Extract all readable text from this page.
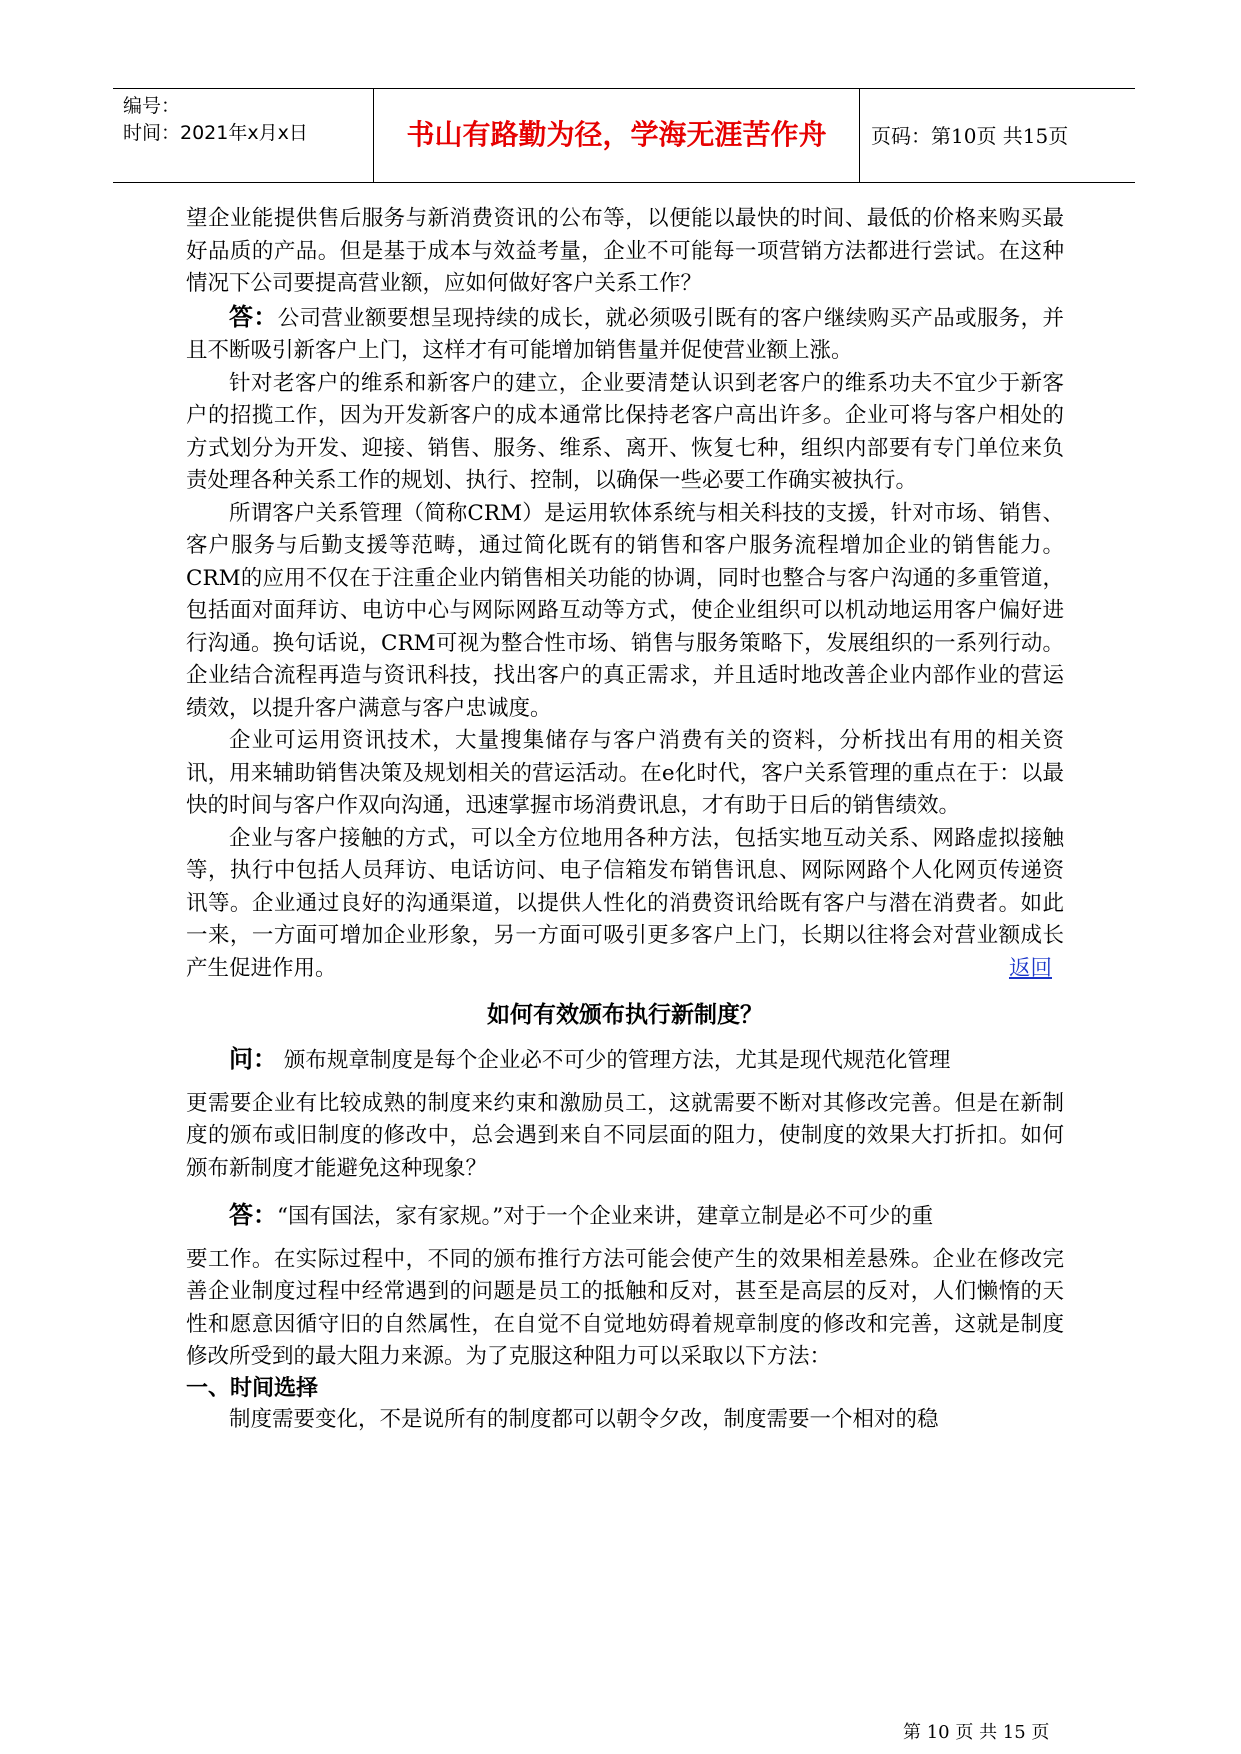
编号：
时间：2021年x月x日	书山有路勤为径，学海无涯苦作舟	页码：第10页 共15页

望企业能提供售后服务与新消费资讯的公布等，以便能以最快的时间、最低的价格来购买最好品质的产品。但是基于成本与效益考量，企业不可能每一项营销方法都进行尝试。在这种情况下公司要提高营业额，应如何做好客户关系工作？

答：公司营业额要想呈现持续的成长，就必须吸引既有的客户继续购买产品或服务，并且不断吸引新客户上门，这样才有可能增加销售量并促使营业额上涨。

针对老客户的维系和新客户的建立，企业要清楚认识到老客户的维系功夫不宜少于新客户的招揽工作，因为开发新客户的成本通常比保持老客户高出许多。企业可将与客户相处的方式划分为开发、迎接、销售、服务、维系、离开、恢复七种，组织内部要有专门单位来负责处理各种关系工作的规划、执行、控制，以确保一些必要工作确实被执行。

所谓客户关系管理（简称CRM）是运用软体系统与相关科技的支援，针对市场、销售、客户服务与后勤支援等范畴，通过简化既有的销售和客户服务流程增加企业的销售能力。CRM的应用不仅在于注重企业内销售相关功能的协调，同时也整合与客户沟通的多重管道，包括面对面拜访、电访中心与网际网路互动等方式，使企业组织可以机动地运用客户偏好进行沟通。换句话说，CRM可视为整合性市场、销售与服务策略下，发展组织的一系列行动。企业结合流程再造与资讯科技，找出客户的真正需求，并且适时地改善企业内部作业的营运绩效，以提升客户满意与客户忠诚度。

企业可运用资讯技术，大量搜集储存与客户消费有关的资料，分析找出有用的相关资讯，用来辅助销售决策及规划相关的营运活动。在e化时代，客户关系管理的重点在于：以最快的时间与客户作双向沟通，迅速掌握市场消费讯息，才有助于日后的销售绩效。

企业与客户接触的方式，可以全方位地用各种方法，包括实地互动关系、网路虚拟接触等，执行中包括人员拜访、电话访问、电子信箱发布销售讯息、网际网路个人化网页传递资讯等。企业通过良好的沟通渠道，以提供人性化的消费资讯给既有客户与潜在消费者。如此一来，一方面可增加企业形象，另一方面可吸引更多客户上门，长期以往将会对营业额成长产生促进作用。	返回

如何有效颁布执行新制度？

问： 颁布规章制度是每个企业必不可少的管理方法，尤其是现代规范化管理

更需要企业有比较成熟的制度来约束和激励员工，这就需要不断对其修改完善。但是在新制度的颁布或旧制度的修改中，总会遇到来自不同层面的阻力，使制度的效果大打折扣。如何颁布新制度才能避免这种现象？

答：“国有国法，家有家规。”对于一个企业来讲，建章立制是必不可少的重

要工作。在实际过程中，不同的颁布推行方法可能会使产生的效果相差悬殊。企业在修改完善企业制度过程中经常遇到的问题是员工的抵触和反对，甚至是高层的反对，人们懒惰的天性和愿意因循守旧的自然属性，在自觉不自觉地妨碍着规章制度的修改和完善，这就是制度修改所受到的最大阻力来源。为了克服这种阻力可以采取以下方法：

一、时间选择

制度需要变化，不是说所有的制度都可以朝令夕改，制度需要一个相对的稳

第 10 页 共 15 页
